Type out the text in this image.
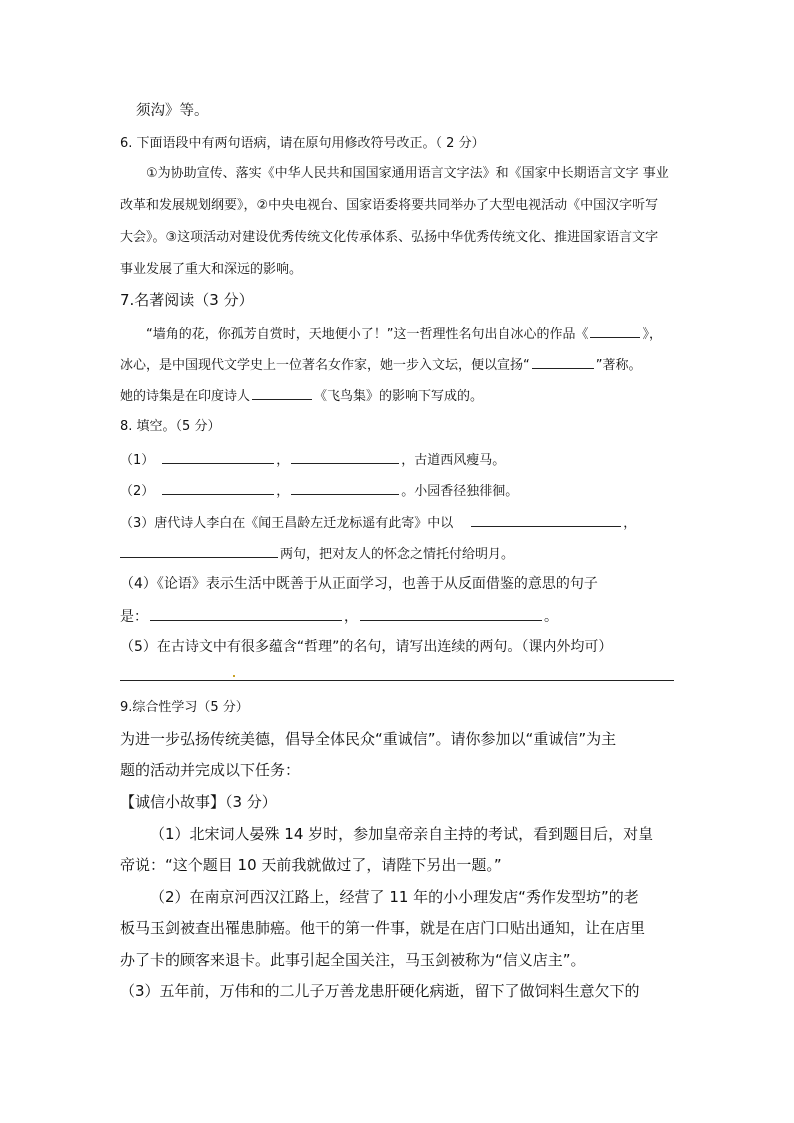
须沟》等。
6. 下面语段中有两句语病，请在原句用修改符号改正。（ 2 分）
①为协助宣传、落实《中华人民共和国国家通用语言文字法》和《国家中长期语言文字 事业
改革和发展规划纲要》，②中央电视台、国家语委将要共同举办了大型电视活动《中国汉字听写
大会》。③这项活动对建设优秀传统文化传承体系、弘扬中华优秀传统文化、推进国家语言文字
事业发展了重大和深远的影响。
7.名著阅读（3 分）
“墙角的花，你孤芳自赏时，天地便小了！”这一哲理性名句出自冰心的作品《	》，
冰心，是中国现代文学史上一位著名女作家，她一步入文坛，便以宣扬“	”著称。
她的诗集是在印度诗人	《飞鸟集》的影响下写成的。
8. 填空。（5 分）
（1）	，	，古道西风瘦马。
（2）	，	。小园香径独徘徊。
（3）唐代诗人李白在《闻王昌龄左迁龙标遥有此寄》中以	，
两句，把对友人的怀念之情托付给明月。
（4）《论语》表示生活中既善于从正面学习，也善于从反面借鉴的意思的句子
是：	，	。
（5）在古诗文中有很多蕴含“哲理”的名句，请写出连续的两句。（课内外均可）
9.综合性学习（5 分）
为进一步弘扬传统美德，倡导全体民众“重诚信”。请你参加以“重诚信”为主
题的活动并完成以下任务：
【诚信小故事】（3 分）
（1）北宋词人晏殊 14 岁时，参加皇帝亲自主持的考试，看到题目后，对皇
帝说：“这个题目 10 天前我就做过了，请陛下另出一题。”
（2）在南京河西汉江路上，经营了 11 年的小小理发店“秀作发型坊”的老
板马玉剑被查出罹患肺癌。他干的第一件事，就是在店门口贴出通知，让在店里
办了卡的顾客来退卡。此事引起全国关注，马玉剑被称为“信义店主”。
（3）五年前，万伟和的二儿子万善龙患肝硬化病逝，留下了做饲料生意欠下的
